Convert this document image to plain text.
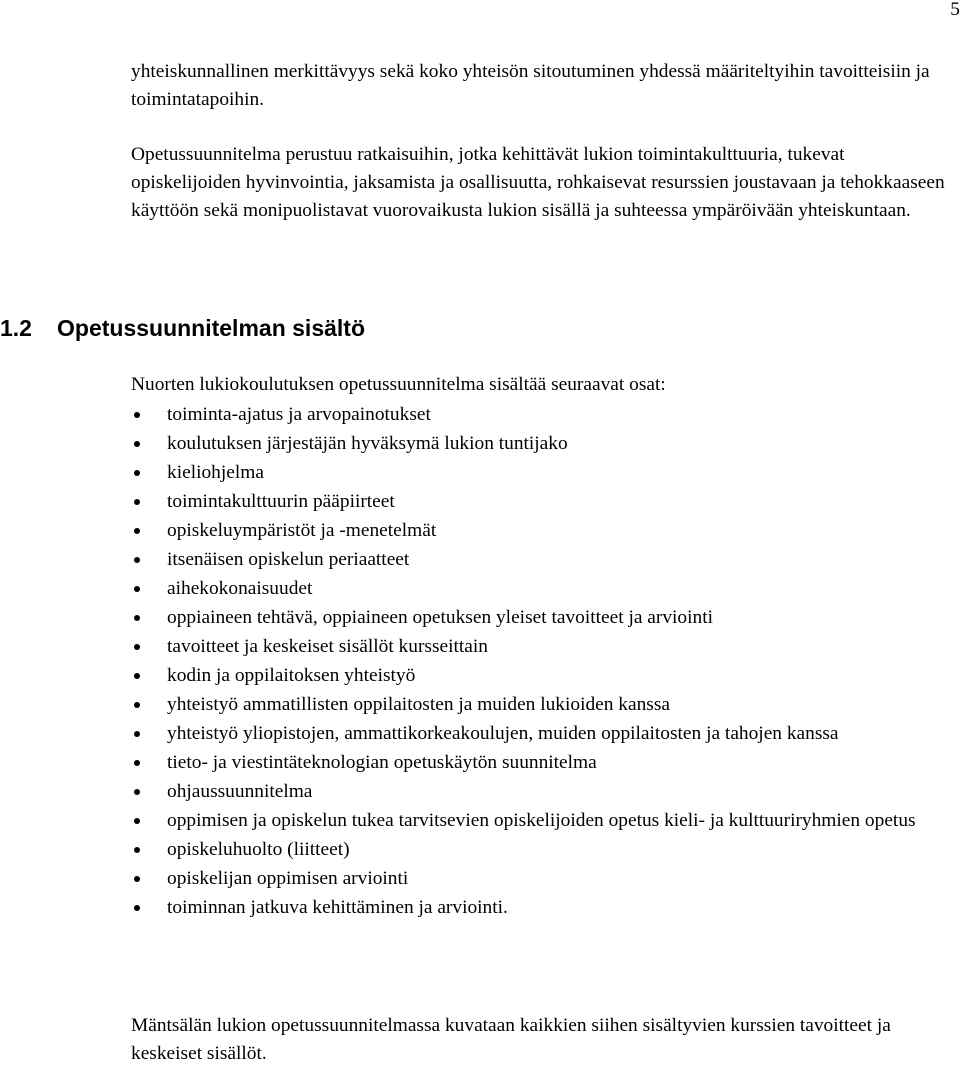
5

yhteiskunnallinen merkittävyys sekä koko yhteisön sitoutuminen yhdessä määriteltyihin tavoitteisiin ja toimintatapoihin.

Opetussuunnitelma perustuu ratkaisuihin, jotka kehittävät lukion toimintakulttuuria, tukevat opiskelijoiden hyvinvointia, jaksamista ja osallisuutta, rohkaisevat resurssien joustavaan ja tehokkaaseen käyttöön sekä monipuolistavat vuorovaikusta lukion sisällä ja suhteessa ympäröivään yhteiskuntaan.

1.2 Opetussuunnitelman sisältö

Nuorten lukiokoulutuksen opetussuunnitelma sisältää seuraavat osat:

toiminta-ajatus ja arvopainotukset
koulutuksen järjestäjän hyväksymä lukion tuntijako
kieliohjelma
toimintakulttuurin pääpiirteet
opiskeluympäristöt ja -menetelmät
itsenäisen opiskelun periaatteet
aihekokonaisuudet
oppiaineen tehtävä, oppiaineen opetuksen yleiset tavoitteet ja arviointi
tavoitteet ja keskeiset sisällöt kursseittain
kodin ja oppilaitoksen yhteistyö
yhteistyö ammatillisten oppilaitosten ja muiden lukioiden kanssa
yhteistyö yliopistojen, ammattikorkeakoulujen, muiden oppilaitosten ja tahojen kanssa
tieto- ja viestintäteknologian opetuskäytön suunnitelma
ohjaussuunnitelma
oppimisen ja opiskelun tukea tarvitsevien opiskelijoiden opetus kieli- ja kulttuuriryhmien opetus
opiskeluhuolto (liitteet)
opiskelijan oppimisen arviointi
toiminnan jatkuva kehittäminen ja arviointi.

Mäntsälän lukion opetussuunnitelmassa kuvataan kaikkien siihen sisältyvien kurssien tavoitteet ja keskeiset sisällöt.
